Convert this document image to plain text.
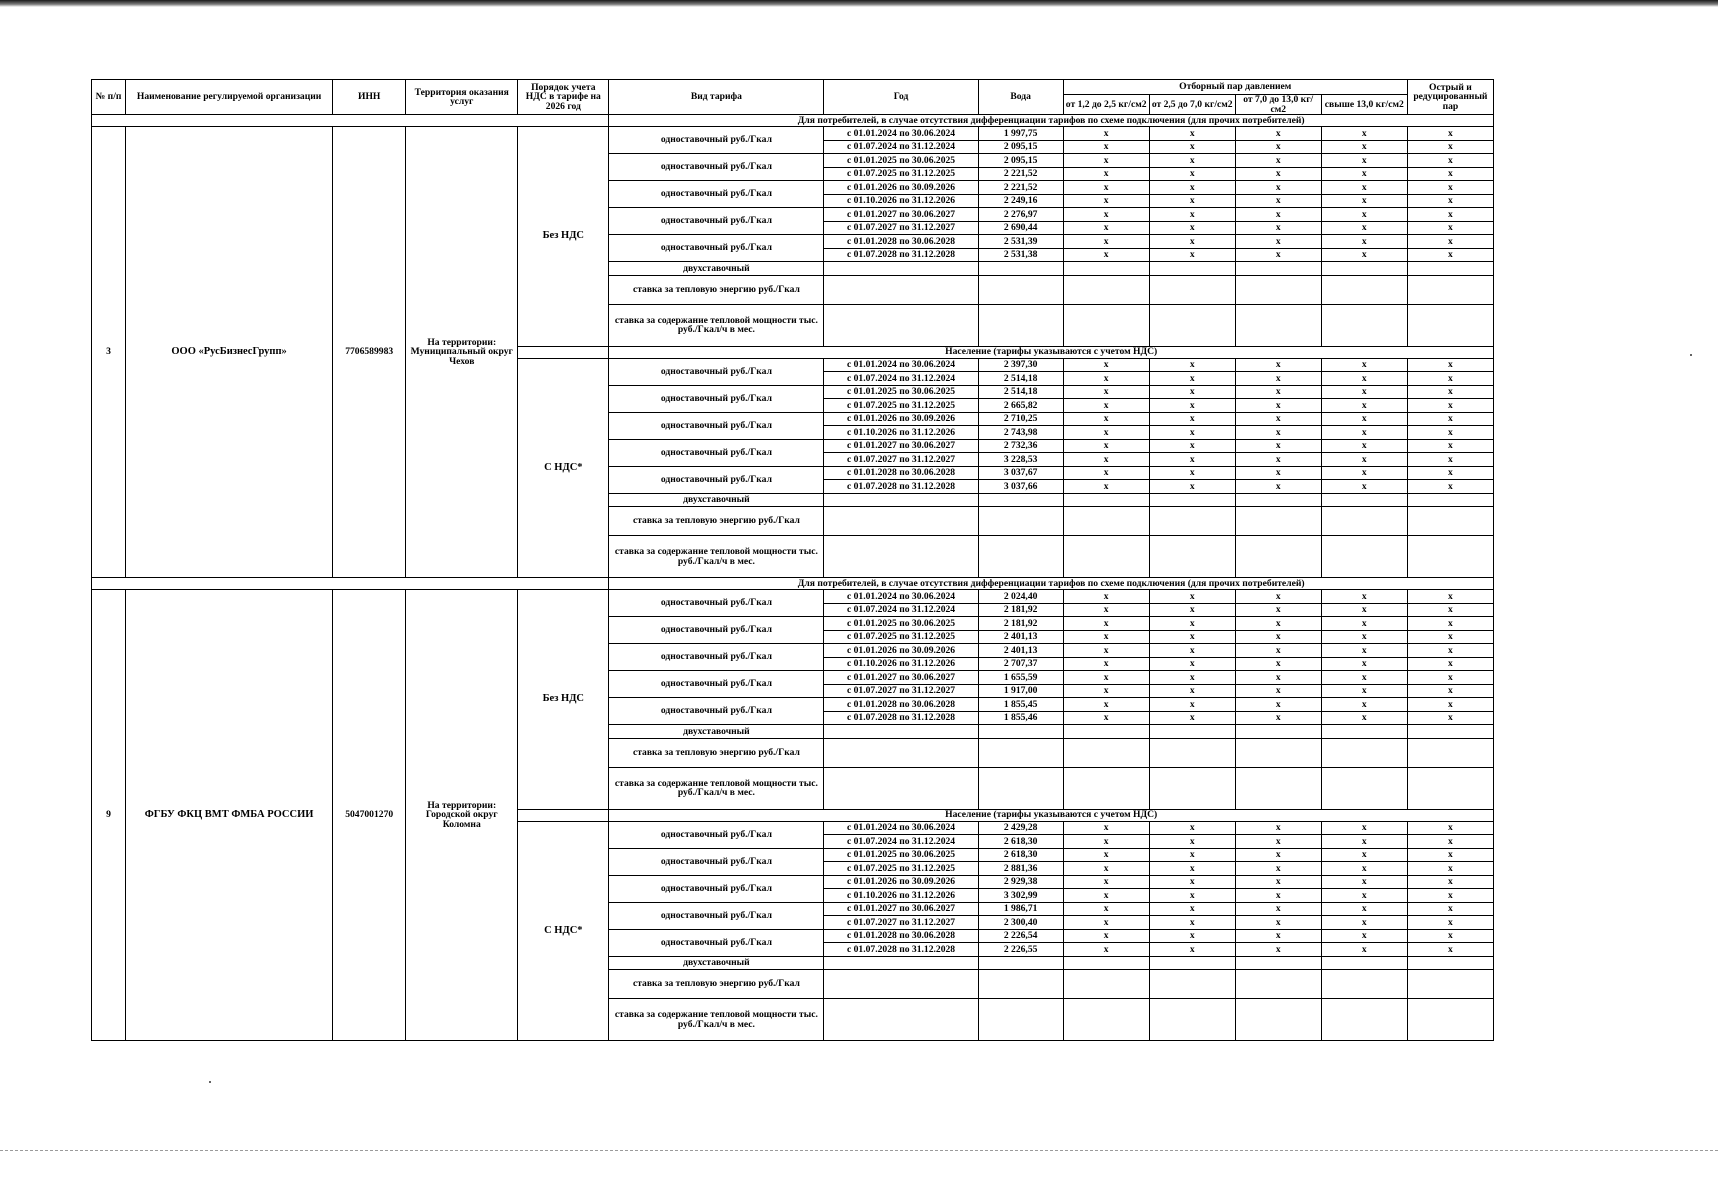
№ п/п	Наименование регулируемой организации	ИНН	Территория оказания услуг	Порядок учета НДС в тарифе на 2026 год	Вид тарифа	Год	Вода	Отборный пар давлением				Острый и редуцированный пар
								от 1,2 до 2,5 кг/см2	от 2,5 до 7,0 кг/см2	от 7,0 до 13,0 кг/см2	свыше 13,0 кг/см2	
					Для потребителей, в случае отсутствия дифференциации тарифов по схеме подключения (для прочих потребителей)							
3	ООО «РусБизнесГрупп»	7706589983	На территории: Муниципальный округ Чехов	Без НДС	одноставочный руб./Гкал	с 01.01.2024 по 30.06.2024	1 997,75	x	x	x	x	x
						с 01.07.2024 по 31.12.2024	2 095,15	x	x	x	x	x
					одноставочный руб./Гкал	с 01.01.2025 по 30.06.2025	2 095,15	x	x	x	x	x
						с 01.07.2025 по 31.12.2025	2 221,52	x	x	x	x	x
					одноставочный руб./Гкал	с 01.01.2026 по 30.09.2026	2 221,52	x	x	x	x	x
						с 01.10.2026 по 31.12.2026	2 249,16	x	x	x	x	x
					одноставочный руб./Гкал	с 01.01.2027 по 30.06.2027	2 276,97	x	x	x	x	x
						с 01.07.2027 по 31.12.2027	2 690,44	x	x	x	x	x
					одноставочный руб./Гкал	с 01.01.2028 по 30.06.2028	2 531,39	x	x	x	x	x
						с 01.07.2028 по 31.12.2028	2 531,38	x	x	x	x	x
					двухставочный							
					ставка за тепловую энергию руб./Гкал							
					ставка за содержание тепловой мощности тыс. руб./Гкал/ч в мес.							
					Население (тарифы указываются с учетом НДС)							
				С НДС*	одноставочный руб./Гкал	с 01.01.2024 по 30.06.2024	2 397,30	x	x	x	x	x
						с 01.07.2024 по 31.12.2024	2 514,18	x	x	x	x	x
					одноставочный руб./Гкал	с 01.01.2025 по 30.06.2025	2 514,18	x	x	x	x	x
						с 01.07.2025 по 31.12.2025	2 665,82	x	x	x	x	x
					одноставочный руб./Гкал	с 01.01.2026 по 30.09.2026	2 710,25	x	x	x	x	x
						с 01.10.2026 по 31.12.2026	2 743,98	x	x	x	x	x
					одноставочный руб./Гкал	с 01.01.2027 по 30.06.2027	2 732,36	x	x	x	x	x
						с 01.07.2027 по 31.12.2027	3 228,53	x	x	x	x	x
					одноставочный руб./Гкал	с 01.01.2028 по 30.06.2028	3 037,67	x	x	x	x	x
						с 01.07.2028 по 31.12.2028	3 037,66	x	x	x	x	x
					двухставочный							
					ставка за тепловую энергию руб./Гкал							
					ставка за содержание тепловой мощности тыс. руб./Гкал/ч в мес.							
					Для потребителей, в случае отсутствия дифференциации тарифов по схеме подключения (для прочих потребителей)							
9	ФГБУ ФКЦ ВМТ ФМБА РОССИИ	5047001270	На территории: Городской округ Коломна	Без НДС	одноставочный руб./Гкал	с 01.01.2024 по 30.06.2024	2 024,40	x	x	x	x	x
						с 01.07.2024 по 31.12.2024	2 181,92	x	x	x	x	x
					одноставочный руб./Гкал	с 01.01.2025 по 30.06.2025	2 181,92	x	x	x	x	x
						с 01.07.2025 по 31.12.2025	2 401,13	x	x	x	x	x
					одноставочный руб./Гкал	с 01.01.2026 по 30.09.2026	2 401,13	x	x	x	x	x
						с 01.10.2026 по 31.12.2026	2 707,37	x	x	x	x	x
					одноставочный руб./Гкал	с 01.01.2027 по 30.06.2027	1 655,59	x	x	x	x	x
						с 01.07.2027 по 31.12.2027	1 917,00	x	x	x	x	x
					одноставочный руб./Гкал	с 01.01.2028 по 30.06.2028	1 855,45	x	x	x	x	x
						с 01.07.2028 по 31.12.2028	1 855,46	x	x	x	x	x
					двухставочный							
					ставка за тепловую энергию руб./Гкал							
					ставка за содержание тепловой мощности тыс. руб./Гкал/ч в мес.							
					Население (тарифы указываются с учетом НДС)							
				С НДС*	одноставочный руб./Гкал	с 01.01.2024 по 30.06.2024	2 429,28	x	x	x	x	x
						с 01.07.2024 по 31.12.2024	2 618,30	x	x	x	x	x
					одноставочный руб./Гкал	с 01.01.2025 по 30.06.2025	2 618,30	x	x	x	x	x
						с 01.07.2025 по 31.12.2025	2 881,36	x	x	x	x	x
					одноставочный руб./Гкал	с 01.01.2026 по 30.09.2026	2 929,38	x	x	x	x	x
						с 01.10.2026 по 31.12.2026	3 302,99	x	x	x	x	x
					одноставочный руб./Гкал	с 01.01.2027 по 30.06.2027	1 986,71	x	x	x	x	x
						с 01.07.2027 по 31.12.2027	2 300,40	x	x	x	x	x
					одноставочный руб./Гкал	с 01.01.2028 по 30.06.2028	2 226,54	x	x	x	x	x
						с 01.07.2028 по 31.12.2028	2 226,55	x	x	x	x	x
					двухставочный							
					ставка за тепловую энергию руб./Гкал							
					ставка за содержание тепловой мощности тыс. руб./Гкал/ч в мес.							
